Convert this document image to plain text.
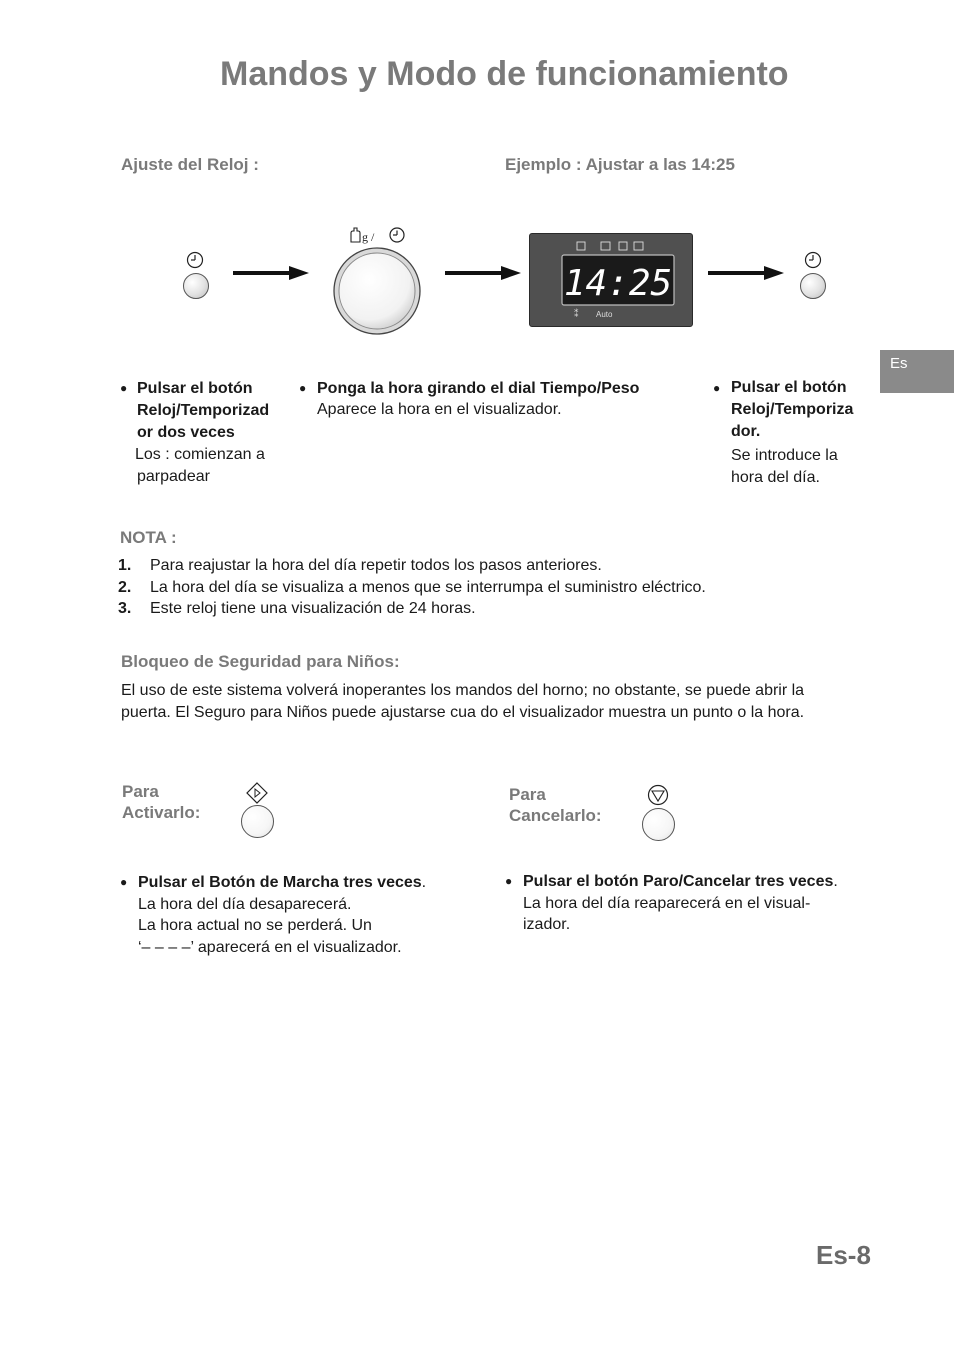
Mandos y Modo de funcionamiento
Es
Ajuste del Reloj :	Ejemplo : Ajustar a las 14:25
g /
14:25
⁑ Auto
● Pulsar el botón
Reloj/Temporizad
or dos veces
Los : comienzan a
parpadear
● Ponga la hora girando el dial Tiempo/Peso
Aparece la hora en el visualizador.
● Pulsar el botón
Reloj/Temporiza
dor.
Se introduce la
hora del día.
NOTA :
1. Para reajustar la hora del día repetir todos los pasos anteriores.
2. La hora del día se visualiza a menos que se interrumpa el suministro eléctrico.
3. Este reloj tiene una visualización de 24 horas.
Bloqueo de Seguridad para Niños:
El uso de este sistema volverá inoperantes los mandos del horno; no obstante, se puede abrir la
puerta. El Seguro para Niños puede ajustarse cua do el visualizador muestra un punto o la hora.
Para
Activarlo:
● Pulsar el Botón de Marcha tres veces.
La hora del día desaparecerá.
La hora actual no se perderá. Un
‘– – – –’ aparecerá en el visualizador.
Para
Cancelarlo:
● Pulsar el botón Paro/Cancelar tres veces.
La hora del día reaparecerá en el visual-
izador.
Es-8
